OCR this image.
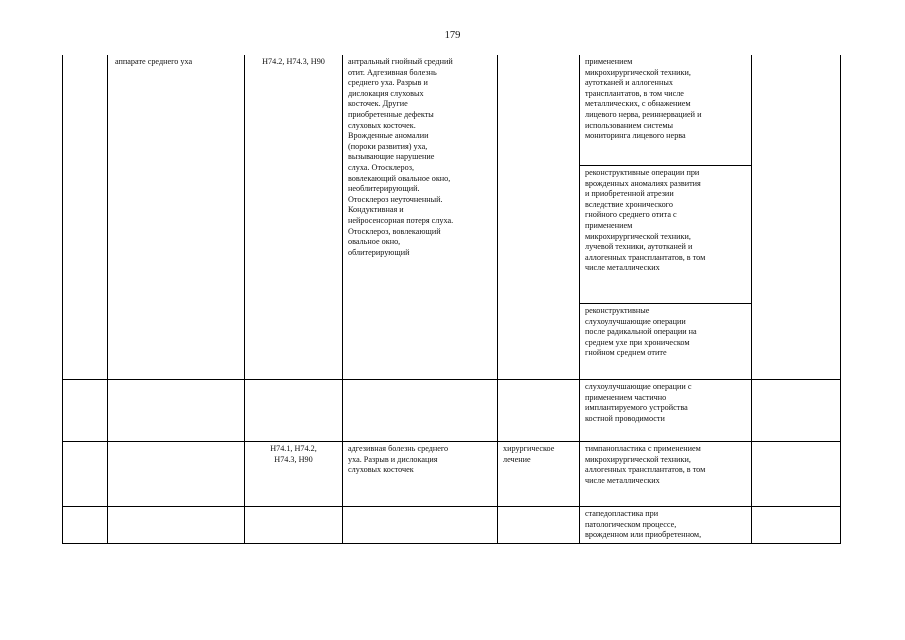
179
аппарате среднего уха	H74.2, H74.3, H90	антральный гнойный средний
отит. Адгезивная болезнь
среднего уха. Разрыв и
дислокация слуховых
косточек. Другие
приобретенные дефекты
слуховых косточек.
Врожденные аномалии
(пороки развития) уха,
вызывающие нарушение
слуха. Отосклероз,
вовлекающий овальное окно,
необлитерирующий.
Отосклероз неуточненный.
Кондуктивная и
нейросенсорная потеря слуха.
Отосклероз, вовлекающий
овальное окно,
облитерирующий
применением
микрохирургической техники,
аутотканей и аллогенных
трансплантатов, в том числе
металлических, с обнажением
лицевого нерва, реиннервацией и
использованием системы
мониторинга лицевого нерва
реконструктивные операции при
врожденных аномалиях развития
и приобретенной атрезии
вследствие хронического
гнойного среднего отита с
применением
микрохирургической техники,
лучевой техники, аутотканей и
аллогенных трансплантатов, в том
числе металлических
реконструктивные
слухоулучшающие операции
после радикальной операции на
среднем ухе при хроническом
гнойном среднем отите
слухоулучшающие операции с
применением частично
имплантируемого устройства
костной проводимости
H74.1, H74.2,
H74.3, H90
адгезивная болезнь среднего
уха. Разрыв и дислокация
слуховых косточек
хирургическое
лечение
тимпанопластика с применением
микрохирургической техники,
аллогенных трансплантатов, в том
числе металлических
стапедопластика при
патологическом процессе,
врожденном или приобретенном,
